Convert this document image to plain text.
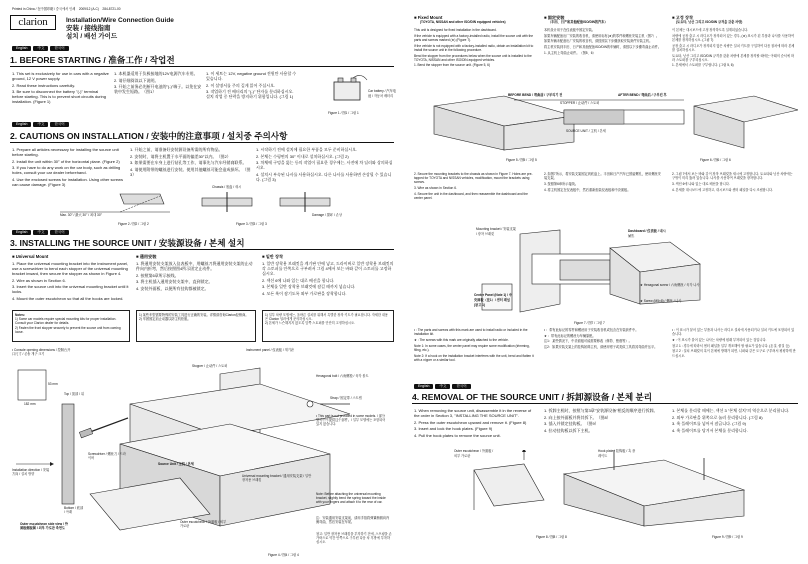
Printed in China / 在中国印刷 / 중국에서 인쇄 2009/12 (A-C) 284-8721-00
clarion	Installation/Wire Connection Guide
安装 / 接线指南
설치 / 배선 가이드
English	中文	한국어
1. BEFORE STARTING / 准备工作 / 작업전

1. This set is exclusively for use in cars with a negative ground, 12 V power supply.

2. Read these instructions carefully.

3. Be sure to disconnect the battery "(-)" terminal before starting. This is to prevent short circuits during installation. (Figure 1)

1. 本机器适用于负极接地的12V电源汽车专用。

2. 请仔细阅读以下说明。

3. 开始之前务必先断开电池的"(-)"端子。以免在安装中发生短路。（图1）

1. 이 세트는 12V, negative ground 전원만 사용할 수 있습니다.

2. 이 설명서를 주의 깊게 읽어 주십시오.

3. 작업하기 전 배터리의 "(-)" 단자를 분리하십시오. 설치 작업 중 단락을 방지하기 위함입니다. (그림 1)

Car battery / 汽车电池 / 자동차 배터리
Figure 1 / 图1 / 그림 1
English	中文	한국어
2. CAUTIONS ON INSTALLATION / 安装中的注意事项 / 설치중 주의사항

1. Prepare all articles necessary for installing the source unit before starting.

2. Install the unit within 30° of the horizontal plane. (Figure 2)

3. If you have to do any work on the car body, such as drilling holes, consult your car dealer beforehand.

4. Use the enclosed screws for installation. Using other screws can cause damage. (Figure 3)

1. 开始之前，请准备好安装源设备所需的所有物品。

2. 安装时，请将主机置于水平面的偏差30°以内。（图2）

3. 如果需要在车身上进行钻孔等工作，请事先与汽车经销商联系。

4. 请使用附带的螺丝进行安装。使用其他螺丝可能会造成损坏。（图3）

1. 시작하기 전에 설치에 필요한 부품을 모두 준비하십시오.

2. 본체는 수평면의 30° 이내로 설치하십시오. (그림 2)

3. 차체에 구멍을 뚫는 등의 작업이 필요한 경우에는, 사전에 차 딜러와 상의하십시오.

4. 설치시 부속된 나사를 사용하십시오. 다른 나사를 사용하면 손상될 수 있습니다. (그림 3)

Max. 30° / 最大 30° / 최대 30°
Figure 2 / 图2 / 그림 2
Chassis / 底盘 / 섀시
Damage / 损坏 / 손상
Figure 3 / 图3 / 그림 3
English	中文	한국어
3. INSTALLING THE SOURCE UNIT / 安装源设备 / 본체 설치
■ Universal Mount	■ 通用安装	■ 일반 장착

1. Place the universal mounting bracket into the instrument panel, use a screwdriver to bend each stopper of the universal mounting bracket inward, then secure the stopper as shown in Figure 4.

2. Wire as shown in Section 6.

3. Insert the source unit into the universal mounting bracket until it locks.

4. Mount the outer escutcheon so that all the hooks are locked.

1. 将通用安装支架放入仪表板中，用螺丝刀将通用安装支架的止动件向内折弯，然后按照图4所示固定止动件。

2. 按照第6章所示接线。

3. 将主机插入通用安装支架中，直到锁定。

4. 安装外面板，以便所有挂钩都被锁定。

1. 일반 장착용 브래킷을 계기판 안에 넣고, 드라이버로 일반 장착용 브래킷의 각 스토퍼를 안쪽으로 구부려서 그림 4에서 보는 바와 같이 스토퍼를 고정하십시오.

2. 섹션 6에 나와 있는 대로 배선을 합니다.

3. 본체를 일반 장착용 브래킷에 잠길 때까지 넣습니다.

4. 모든 훅이 잠기도록 외부 가로판을 장착합니다.

Notes:
1) Some car models require special mounting kits for proper installation. Consult your Clarion dealer for details.
2) Fasten the front stopper securely to prevent the source unit from coming loose.
1) 某些车型需要特殊的安装工具进行正确的安装。详情请咨询Clarion经销商。
2) 牢固固定前止动器以防主机松脱。
1) 일부 차량 모델에는, 올바른 설치를 위해서 특별한 장착 키트가 필요합니다. 자세한 내용은 Clarion 딜러에게 문의하십시오.
2) 본체가 느슨해지지 않도록 앞쪽 스토퍼를 단단히 고정하십시오.
• Console opening dimensions / 控制台开口尺寸 / 콘솔 개구 크기
53 mm
182 mm
Top / 顶部 / 위
Bottom / 底部 / 아래
Installation direction / 安装方向 / 설치 방향
Instrument panel / 仪表板 / 계기판
Stopper / 止动件 / 스토퍼
Hexagonal bolt / 六角螺栓 / 육각 볼트
Strap / 固定带 / 스트랩
• This part is not provided in some models. / 部分型号中不提供这个部件。/ 일부 모델에는 포함되어 있지 않습니다.
Screwdriver / 螺丝刀 / 드라이버
Source Unit / 主机 / 본체
Universal mounting bracket / 通用安装支架 / 일반 장착용 브래킷
Outer escutcheon / 外面板 / 외부 가로판
Outer escutcheon side view / 外面板侧视图 / 외부 가로판 측면도
Note: Before attaching the universal mounting bracket, slightly bend the spring toward the inside with your fingers and attach it to the rear of car.
注：安装通用安装支架前，请用手指将弹簧稍微向内侧弯曲，然后安装在车尾。
참고: 일반 장착용 브래킷을 부착하기 전에, 스프링을 손가락으로 약간 안쪽으로 구부린 다음 차 후방에 부착하십시오.
Figure 4 / 图4 / 그림 4
■ Fixed Mount
(TOYOTA, NISSAN and other ISO/DIN equipped vehicles)
■ 固定安装
（丰田、日产和其他配备ISO/DIN的汽车）
■ 고정 장착
(토요타, 닛산 그리고 ISO/DIN 규격을 갖춘 차량)

This unit is designed for fixed installation in the dashboard.

If the vehicle is equipped with a factory-installed radio, install the source unit with the parts and screws marked (★) (Figure 7).

If the vehicle is not equipped with a factory-installed radio, obtain an installation kit to install the source unit in the following procedure.

Bend the stopper from the procedures below when the source unit is installed to the TOYOTA, NISSAN and other ISO/DIN-equipped vehicles.

1. Bend the stopper from the source unit. (Figure 5, 6)

本机设计用于在仪表板中固定安装。

如果车辆配备出厂安装的收音机，请使用标有(★)的零件和螺丝安装主机（图7）。

如果车辆未配备出厂安装的收音机，请按照以下步骤获取安装套件安装主机。

将主机安装到丰田、日产和其他配备ISO/DIN的车辆时，请按以下步骤弯曲止动件。

1. 从主机上弯曲止动件。（图5、6）

이 본체는 대시보드에 고정 장착하도록 설계되었습니다.

차량에 공장 출고 시 라디오가 장착되어 있는 경우, (★) 표시가 된 부품과 나사를 사용하여 본체를 장착하십시오. (그림 7)

공장 출고 시 라디오가 장착되지 않은 차량은 설치 키트를 구입하여 다음 절차에 따라 본체를 설치하십시오.

토요타, 닛산 그리고 ISO/DIN 규격을 갖춘 차량에 본체를 장착할 때에는 아래의 순서에 따라 스토퍼를 구부리십시오.

1. 본체에서 스토퍼를 구부립니다. (그림 5, 6)

BEFORE BEND / 弯曲前 / 구부리기 전	AFTER BEND / 弯曲后 / 구부린 후
STOPPER / 止动件 / 스토퍼
SOURCE UNIT / 主机 / 본체
Figure 5 / 图5 / 그림 5	Figure 6 / 图6 / 그림 6

2. Secure the mounting brackets to the chassis as shown in Figure 7. Holes are pre-tapped for TOYOTA and NISSAN vehicles, modification, mount the brackets using screws.

3. Wire as shown in Section 6.

4. Secure the unit in the dashboard, and then reassemble the dashboard and the center panel.

2. 如图7所示，将安装支架固定到底盘上。丰田和日产汽车已预留螺孔，使用螺丝安装支架。

3. 按照第6章所示接线。

4. 将主机固定在仪表板中，然后重新组装仪表板和中央面板。

2. 그림 7에서 보는 바와 같이 장착 브래킷을 섀시에 고정합니다. 토요타와 닛산 차량에는 구멍이 미리 뚫려 있습니다. 나사를 사용하여 브래킷을 장착합니다.

3. 섹션 6에 나와 있는 대로 배선을 합니다.

4. 본체를 대시보드에 고정하고, 대시보드와 센터 패널을 다시 조립합니다.

Mounting bracket / 安装支架 / 장착 브래킷
Dashboard / 仪表板 / 대시보드
Center Panel (Note 1) / 中央面板（注1）/ 센터 패널 (참고 1)
★ Hexagonal screw / 六角螺丝 / 육각 나사
★ Screw (M5×8) / 螺丝 / 나사
Figure 7 / 图7 / 그림 7

• : The parts and screws with this mark are used to install radio or included in the installation kit.

★ : The screws with this mark are originally attached to the vehicle.

Note 1: In some cases, the center panel may require some modification (trimming, filing, etc.).

Note 2: If a hook on the installation bracket interferes with the unit, bend and flatten it with a nipper or a similar tool.

• ：带有此标记的零件和螺丝用于安装收音机或包含在安装套件中。

★ ：带有此标记的螺丝为车辆原配。

注1：某些情况下，中央面板可能需要修改（修剪、锉削等）。

注2：如果安装支架上的挂钩妨碍主机，请使用钳子或类似工具将其弯曲并压平。

• : 이 표시가 붙어 있는 부품과 나사는 라디오 설치에 사용되거나 설치 키트에 포함되어 있습니다.

★ : 이 표시가 붙어 있는 나사는 차량에 원래 부착되어 있는 것입니다.

참고 1 : 경우에 따라서 센터 패널을 일부 개조해야 할 필요가 있습니다. (손질, 줄질 등)

참고 2 : 설치 브래킷의 훅이 본체에 방해가 되면, 니퍼와 같은 도구로 구부려서 평평하게 만드십시오.

English	中文	한국어
4. REMOVAL OF THE SOURCE UNIT / 拆卸源设备 / 본체 분리

1. When removing the source unit, disassemble it in the reverse of the order in Section 3, "INSTALLING THE SOURCE UNIT".

2. Press the outer escutcheon upward and remove it. (Figure 8)

3. Insert and lock the hook plates. (Figure 9)

4. Pull the hook plates to remove the source unit.

1. 拆卸主机时，按照与第3章"安装源设备"相反的顺序进行拆卸。

2. 向上按外面板并将其拆下。（图8）

3. 插入并锁定挂钩板。（图9）

4. 拉动挂钩板以拆下主机。

1. 본체를 분리할 때에는, 섹션 3 "본체 설치"의 역순으로 분리합니다.

2. 외부 가로판을 위쪽으로 눌러 분리합니다. (그림 8)

3. 훅 플레이트를 넣어서 잠급니다. (그림 9)

4. 훅 플레이트를 당겨서 본체를 분리합니다.

Outer escutcheon / 外面板 / 외부 가로판
Hook plate / 挂钩板 / 훅 플레이트
Figure 8 / 图8 / 그림 8	Figure 9 / 图9 / 그림 9
